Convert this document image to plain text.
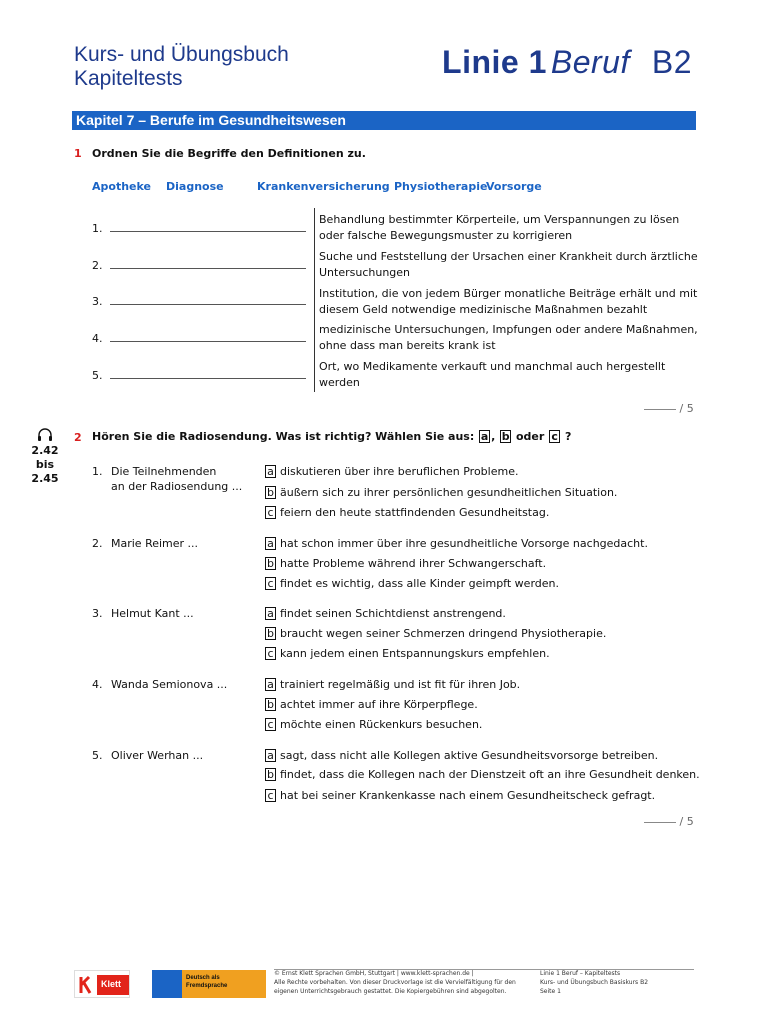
Kurs- und Übungsbuch
Kapiteltests	Linie 1 Beruf B2
Kapitel 7 – Berufe im Gesundheitswesen
1 Ordnen Sie die Begriffe den Definitionen zu.
Apotheke Diagnose	Krankenversicherung Physiotherapie
Vorsorge
1.
Behandlung bestimmter Körperteile, um Verspannungen zu lösen
oder falsche Bewegungsmuster zu korrigieren
2.
Suche und Feststellung der Ursachen einer Krankheit durch ärztliche
Untersuchungen
3.
Institution, die von jedem Bürger monatliche Beiträge erhält und mit
diesem Geld notwendige medizinische Maßnahmen bezahlt
4.
medizinische Untersuchungen, Impfungen oder andere Maßnahmen,
ohne dass man bereits krank ist
5.
Ort, wo Medikamente verkauft und manchmal auch hergestellt
werden
/ 5
2.42
bis
2.45
2 Hören Sie die Radiosendung. Was ist richtig? Wählen Sie aus: a , b oder c ?
1. Die Teilnehmenden
an der Radiosendung ...
a diskutieren über ihre beruflichen Probleme.
b äußern sich zu ihrer persönlichen gesundheitlichen Situation.
c feiern den heute stattfindenden Gesundheitstag.
2. Marie Reimer ...	a hat schon immer über ihre gesundheitliche Vorsorge nachgedacht.
b hatte Probleme während ihrer Schwangerschaft.
c findet es wichtig, dass alle Kinder geimpft werden.
3. Helmut Kant ...	a findet seinen Schichtdienst anstrengend.
b braucht wegen seiner Schmerzen dringend Physiotherapie.
c kann jedem einen Entspannungskurs empfehlen.
4. Wanda Semionova ...	a trainiert regelmäßig und ist fit für ihren Job.
b achtet immer auf ihre Körperpflege.
c möchte einen Rückenkurs besuchen.
5. Oliver Werhan ...	a sagt, dass nicht alle Kollegen aktive Gesundheitsvorsorge betreiben.
b findet, dass die Kollegen nach der Dienstzeit oft an ihre Gesundheit denken.
c hat bei seiner Krankenkasse nach einem Gesundheitscheck gefragt.
/ 5
Klett
Deutsch als
Fremdsprache
© Ernst Klett Sprachen GmbH, Stuttgart | www.klett-sprachen.de |
Alle Rechte vorbehalten. Von dieser Druckvorlage ist die Vervielfältigung für den
eigenen Unterrichtsgebrauch gestattet. Die Kopiergebühren sind abgegolten.
Linie 1 Beruf – Kapiteltests
Kurs- und Übungsbuch Basiskurs B2
Seite 1
